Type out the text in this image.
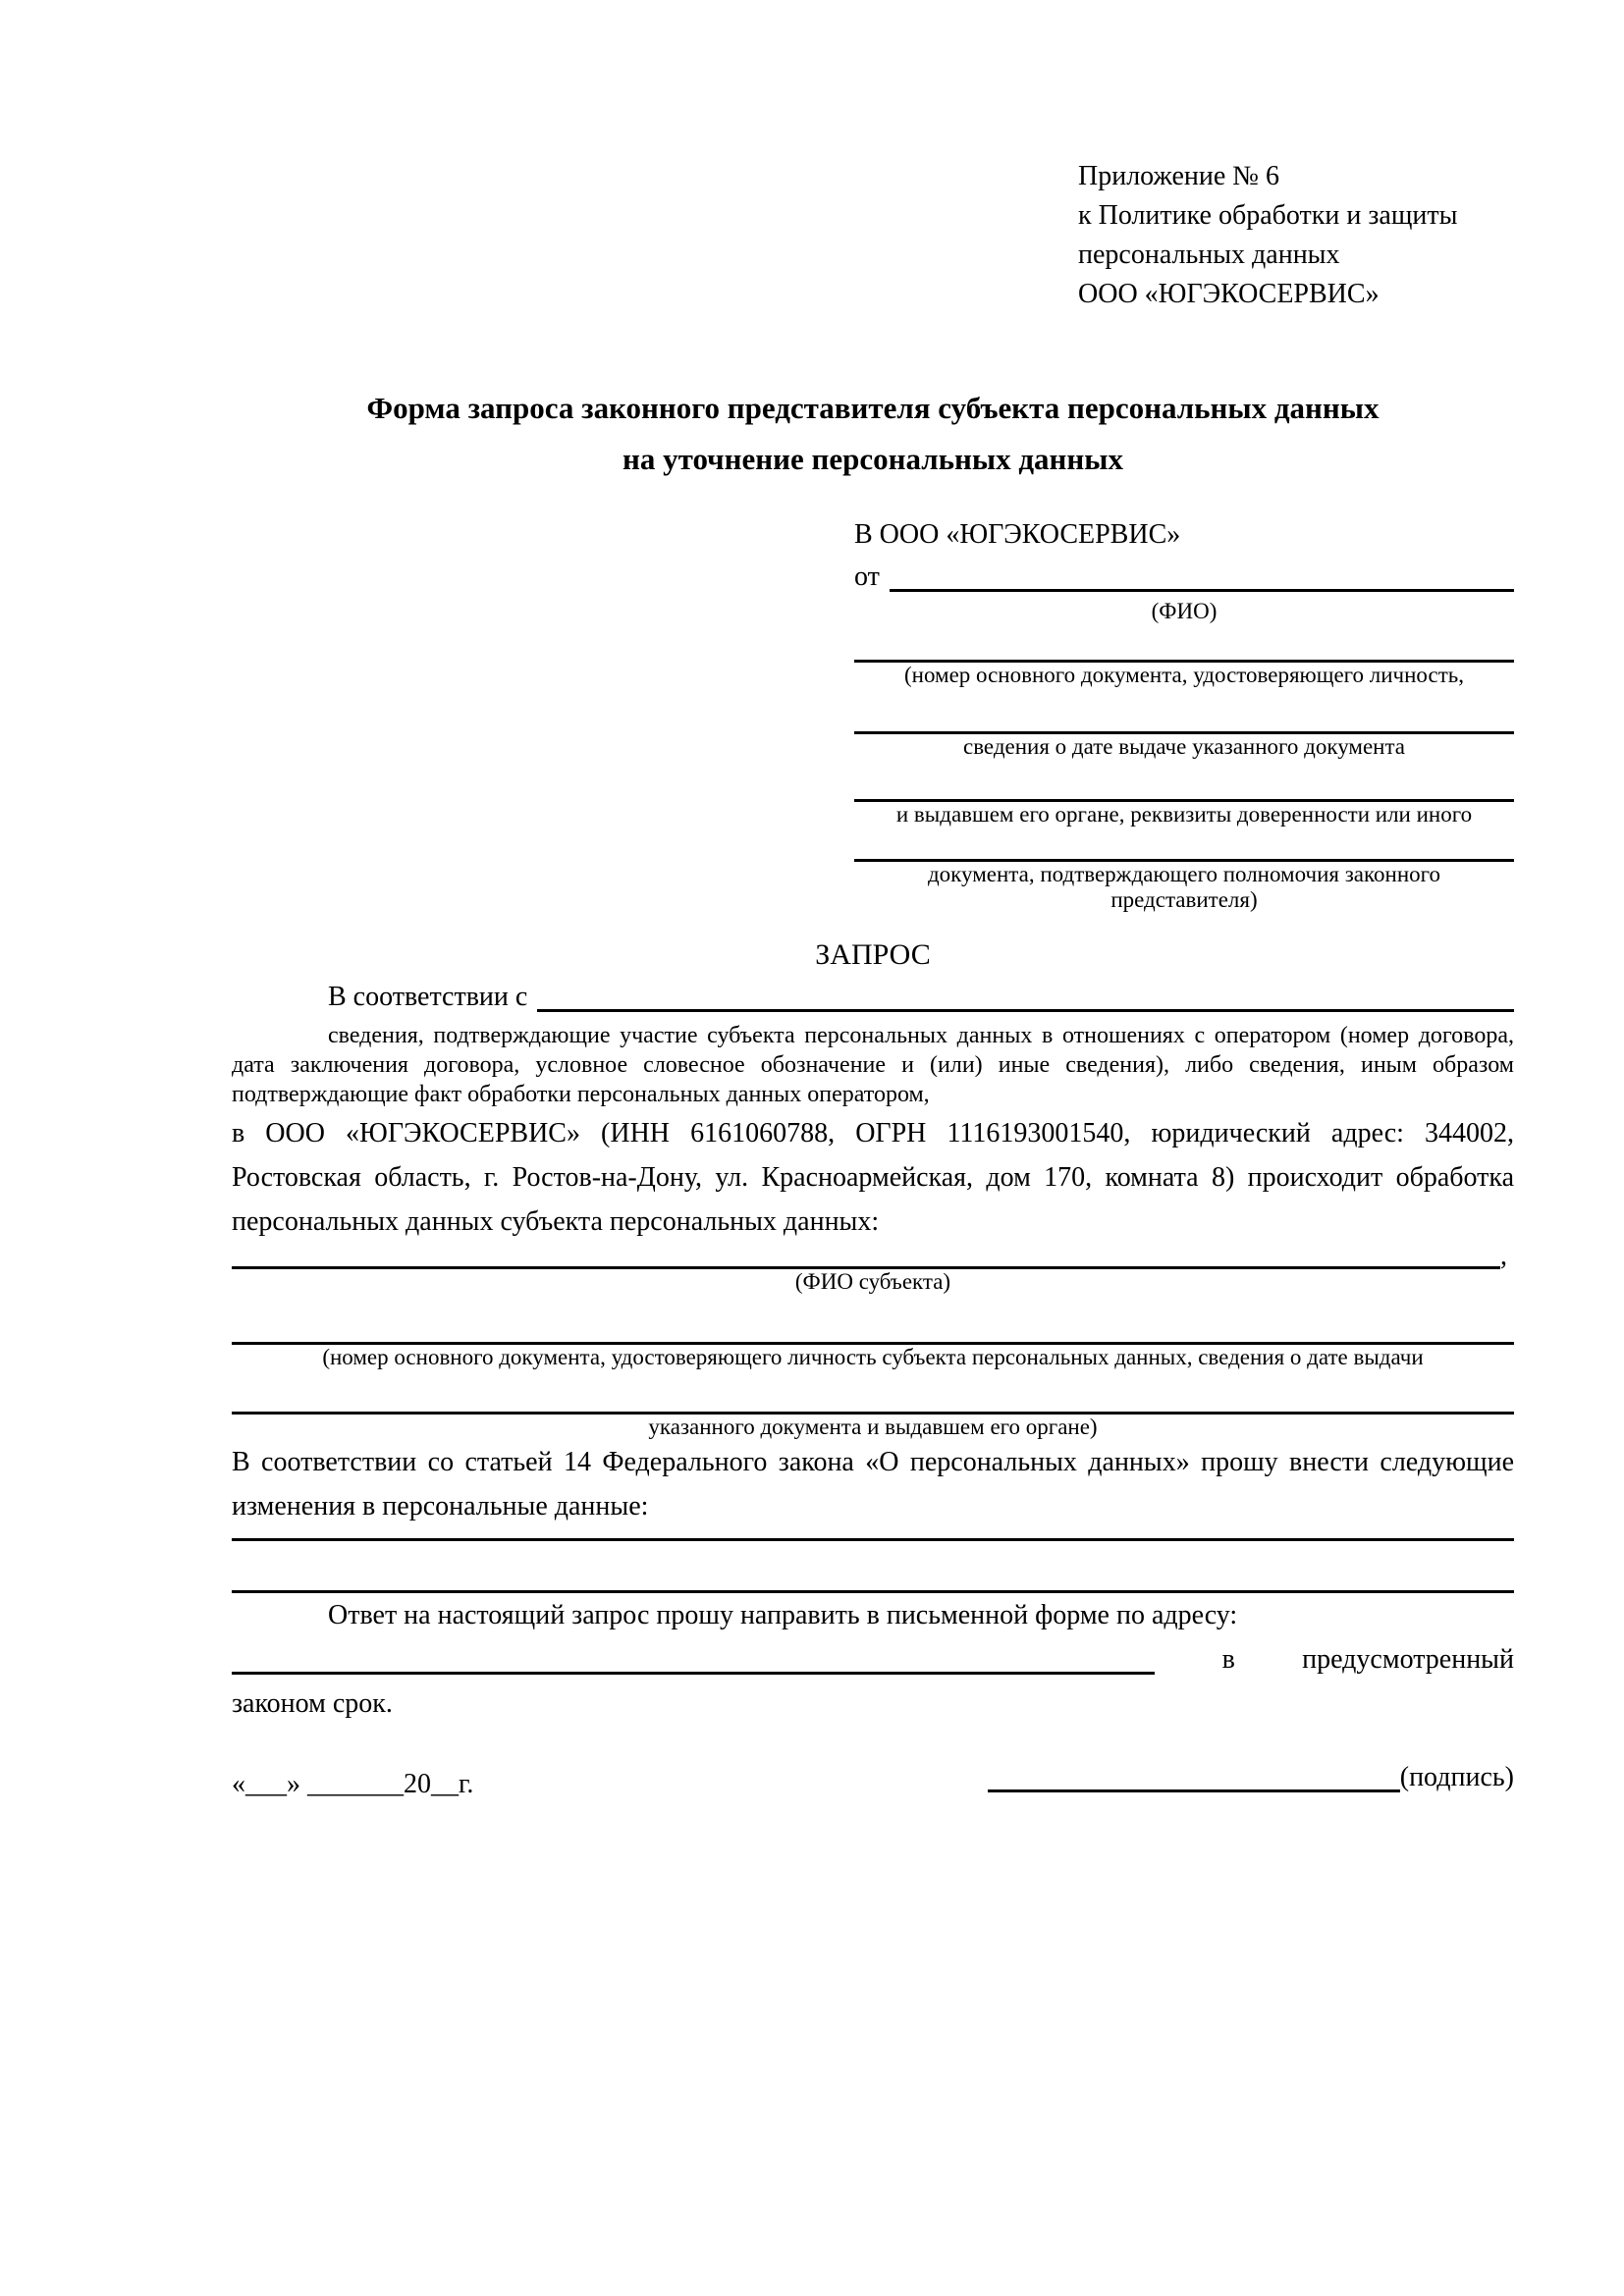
Приложение № 6
к Политике обработки и защиты
персональных данных
ООО «ЮГЭКОСЕРВИС»
Форма запроса законного представителя субъекта персональных данных
на уточнение персональных данных
В ООО «ЮГЭКОСЕРВИС»
от
(ФИО)
(номер основного документа, удостоверяющего личность,
сведения о дате выдаче указанного документа
и выдавшем его органе, реквизиты доверенности или иного
документа, подтверждающего полномочия законного представителя)
ЗАПРОС
В соответствии с

сведения, подтверждающие участие субъекта персональных данных в отношениях с оператором (номер договора, дата заключения договора, условное словесное обозначение и (или) иные сведения), либо сведения, иным образом подтверждающие факт обработки персональных данных оператором,

в ООО «ЮГЭКОСЕРВИС» (ИНН 6161060788, ОГРН 1116193001540, юридический адрес: 344002, Ростовская область, г. Ростов-на-Дону, ул. Красноармейская, дом 170, комната 8) происходит обработка персональных данных субъекта персональных данных:

,
(ФИО субъекта)
(номер основного документа, удостоверяющего личность субъекта персональных данных, сведения о дате выдачи
указанного документа и выдавшем его органе)

В соответствии со статьей 14 Федерального закона «О персональных данных» прошу внести следующие изменения в персональные данные:

Ответ на настоящий запрос прошу направить в письменной форме по адресу:

в предусмотренный

законом срок.

«___» _______20__г.	(подпись)
